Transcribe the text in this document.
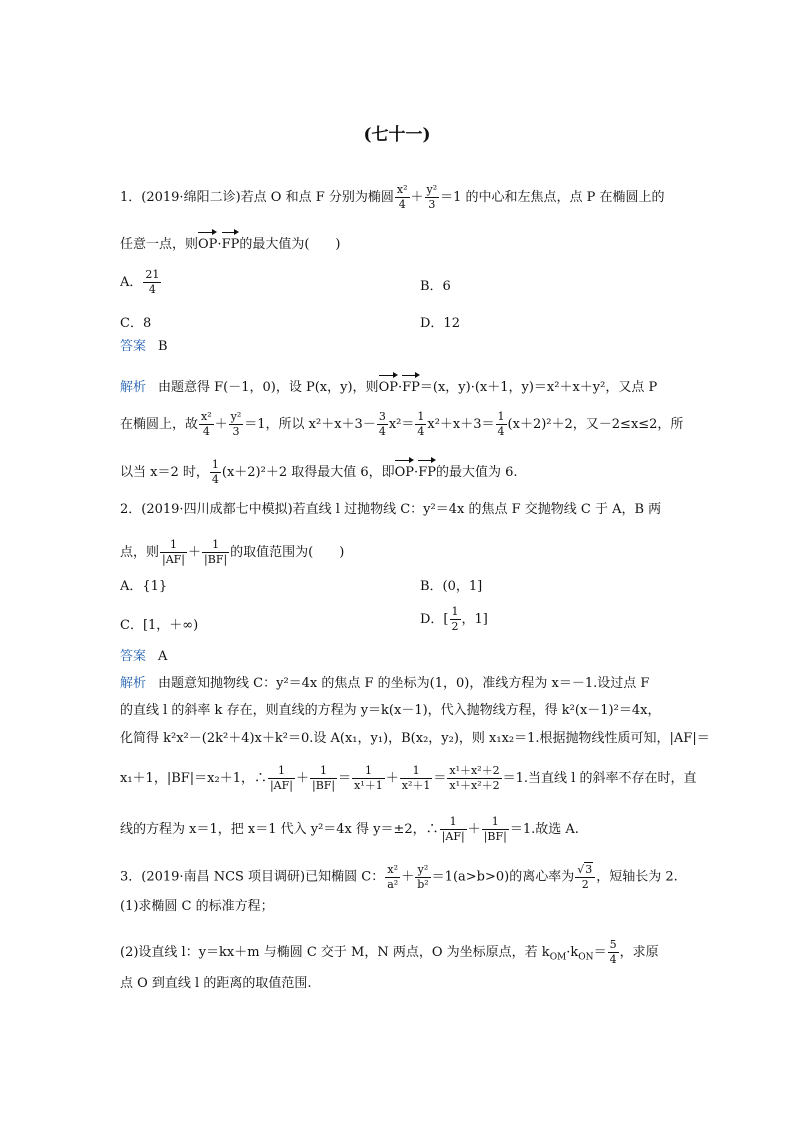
(七十一)
1．(2019·绵阳二诊)若点 O 和点 F 分别为椭圆 $\frac{\text{x²}}{4} + \frac{\text{y²}}{3} =1$ 的中心和左焦点，点 P 在椭圆上的
任意一点，则OP·FP的最大值为(　　)
A． $\frac{21}{4}$	B．6
C．8	D．12
答案 B
解析 由题意得 F(－1，0)，设 P(x，y)，则OP·FP＝(x，y)·(x＋1，y)＝x²＋x＋y²，又点 P
在椭圆上，故 $\frac{\text{x²}}{4} + \frac{\text{y²}}{3} =1$，所以 $x^2+x+3- \frac{3}{4} x^2= \frac{1}{4} x^2+x+3= \frac{1}{4} (x+2)^2+2$，又－2≤x≤2，所
以当 x＝2 时， $\frac{1}{4} (x+2)^2+2$ 取得最大值 6，即OP·FP的最大值为 6.
2．(2019·四川成都七中模拟)若直线 l 过抛物线 C：y²＝4x 的焦点 F 交抛物线 C 于 A，B 两
点，则 $\frac{1}{|AF|} + \frac{1}{|BF|}$ 的取值范围为(　　)
A．{1}	B．(0，1]
C．[1，＋∞)	D．[ $\frac{1}{2}$ ，1]
答案 A
解析 由题意知抛物线 C：y²＝4x 的焦点 F 的坐标为(1，0)，准线方程为 x＝－1.设过点 F
的直线 l 的斜率 k 存在，则直线的方程为 y＝k(x－1)，代入抛物线方程，得 k²(x－1)²＝4x，
化简得 k²x²－(2k²＋4)x＋k²＝0.设 A(x₁，y₁)，B(x₂，y₂)，则 x₁x₂＝1.根据抛物线性质可知，|AF|＝
x₁＋1，|BF|＝x₂＋1，∴ $\frac{1}{|AF|} + \frac{1}{|BF|} = \frac{1}{\text{x¹＋1}} + \frac{1}{\text{x²＋1}} = \frac{\text{x¹＋x²＋2}}{\text{x¹＋x²＋2}} =1$.当直线 l 的斜率不存在时，直
线的方程为 x＝1，把 x＝1 代入 y²＝4x 得 y＝±2，∴ $\frac{1}{|AF|} + \frac{1}{|BF|} =1$.故选 A.
3．(2019·南昌 NCS 项目调研)已知椭圆 C： $\frac{\text{x²}}{\text{a²}} + \frac{\text{y²}}{\text{b²}} =1(a>b>0)$的离心率为 $\frac{√3}{2}$ ，短轴长为 2.
(1)求椭圆 C 的标准方程；
(2)设直线 l：y＝kx＋m 与椭圆 C 交于 M，N 两点，O 为坐标原点，若 $k_{OM}\cdot k_{ON}= \frac{5}{4}$ ，求原
点 O 到直线 l 的距离的取值范围.
